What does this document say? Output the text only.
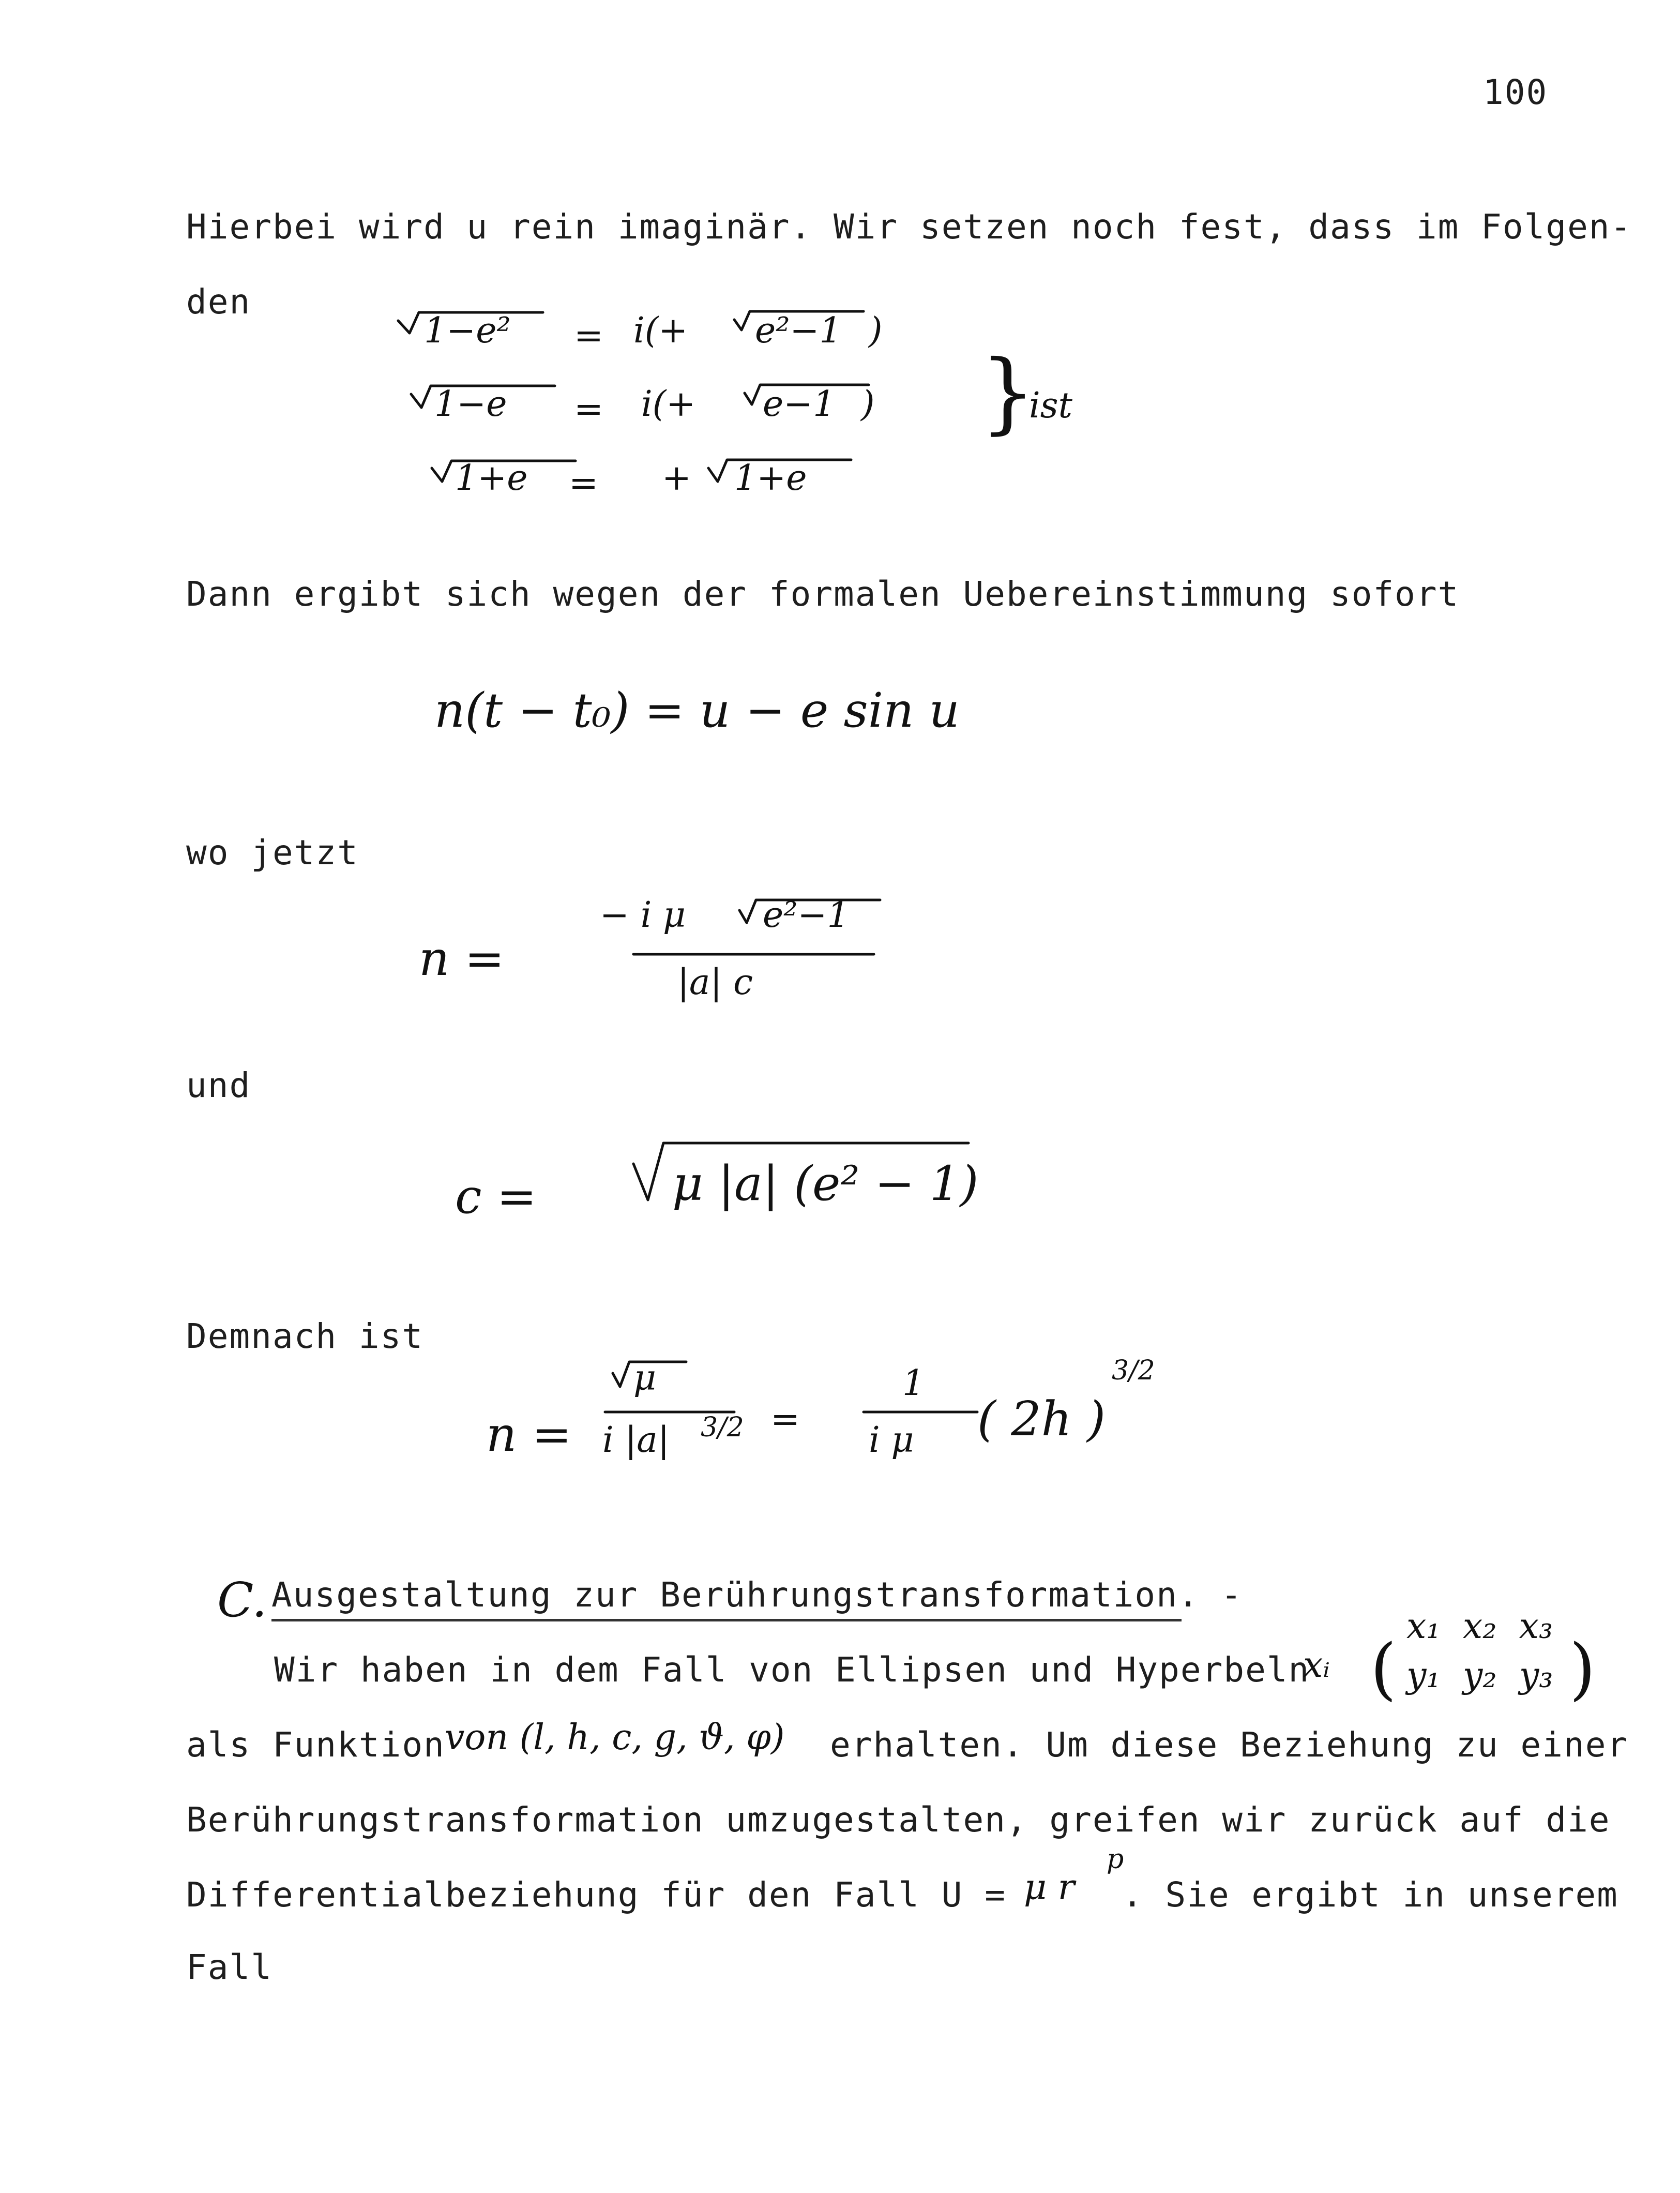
100
Hierbei wird u rein imaginär. Wir setzen noch fest, dass im Folgen-
den
1−e² = i(+ e²−1 )
1−e = i(+ e−1 )
1+e = + 1+e
}
ist
Dann ergibt sich wegen der formalen Uebereinstimmung sofort
n(t − t₀) = u − e sin u
wo jetzt
n =
− i μ e²−1
|a| c
und
c =	μ |a| (e² − 1)
Demnach ist
n =
μ
i |a| 3/2 =
1
i μ ( 2h )
3/2
C. Ausgestaltung zur Berührungstransformation. -
Wir haben in dem Fall von Ellipsen und Hyperbeln
xᵢ (
x₁  x₂  x₃
y₁  y₂  y₃ )
als Funktion von (l, h, c, g, ϑ, φ) erhalten. Um diese Beziehung zu einer
Berührungstransformation umzugestalten, greifen wir zurück auf die
Differentialbeziehung für den Fall U = μ r
p
. Sie ergibt in unserem
Fall
